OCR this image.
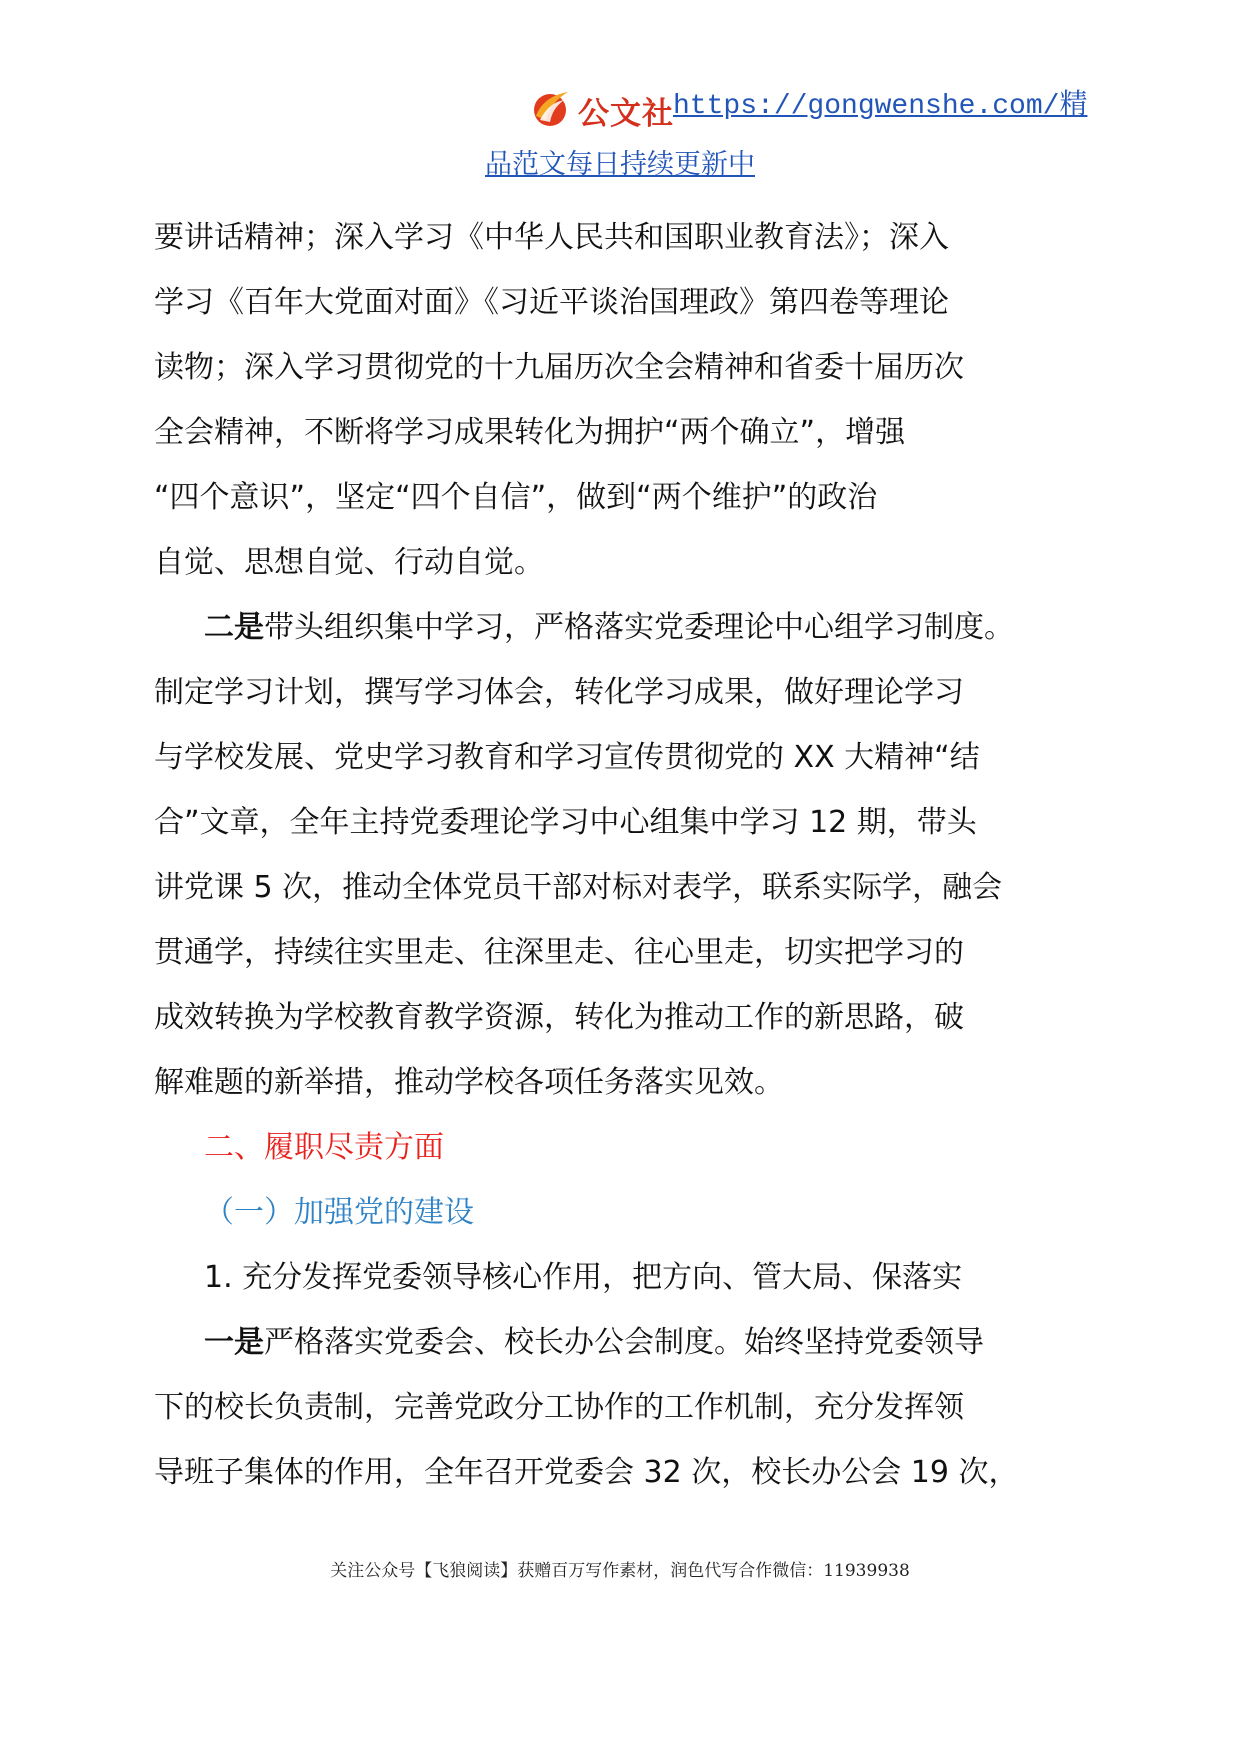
公文社 https://gongwenshe.com/精
品范文每日持续更新中
要讲话精神；深入学习《中华人民共和国职业教育法》；深入
学习《百年大党面对面》《习近平谈治国理政》第四卷等理论
读物；深入学习贯彻党的十九届历次全会精神和省委十届历次
全会精神，不断将学习成果转化为拥护“两个确立”，增强
“四个意识”，坚定“四个自信”，做到“两个维护”的政治
自觉、思想自觉、行动自觉。
二是带头组织集中学习，严格落实党委理论中心组学习制度。
制定学习计划，撰写学习体会，转化学习成果，做好理论学习
与学校发展、党史学习教育和学习宣传贯彻党的 XX 大精神“结
合”文章，全年主持党委理论学习中心组集中学习 12 期，带头
讲党课 5 次，推动全体党员干部对标对表学，联系实际学，融会
贯通学，持续往实里走、往深里走、往心里走，切实把学习的
成效转换为学校教育教学资源，转化为推动工作的新思路，破
解难题的新举措，推动学校各项任务落实见效。
二、履职尽责方面
（一）加强党的建设
1. 充分发挥党委领导核心作用，把方向、管大局、保落实
一是严格落实党委会、校长办公会制度。始终坚持党委领导
下的校长负责制，完善党政分工协作的工作机制，充分发挥领
导班子集体的作用，全年召开党委会 32 次，校长办公会 19 次，
关注公众号【飞狼阅读】获赠百万写作素材，润色代写合作微信：11939938
